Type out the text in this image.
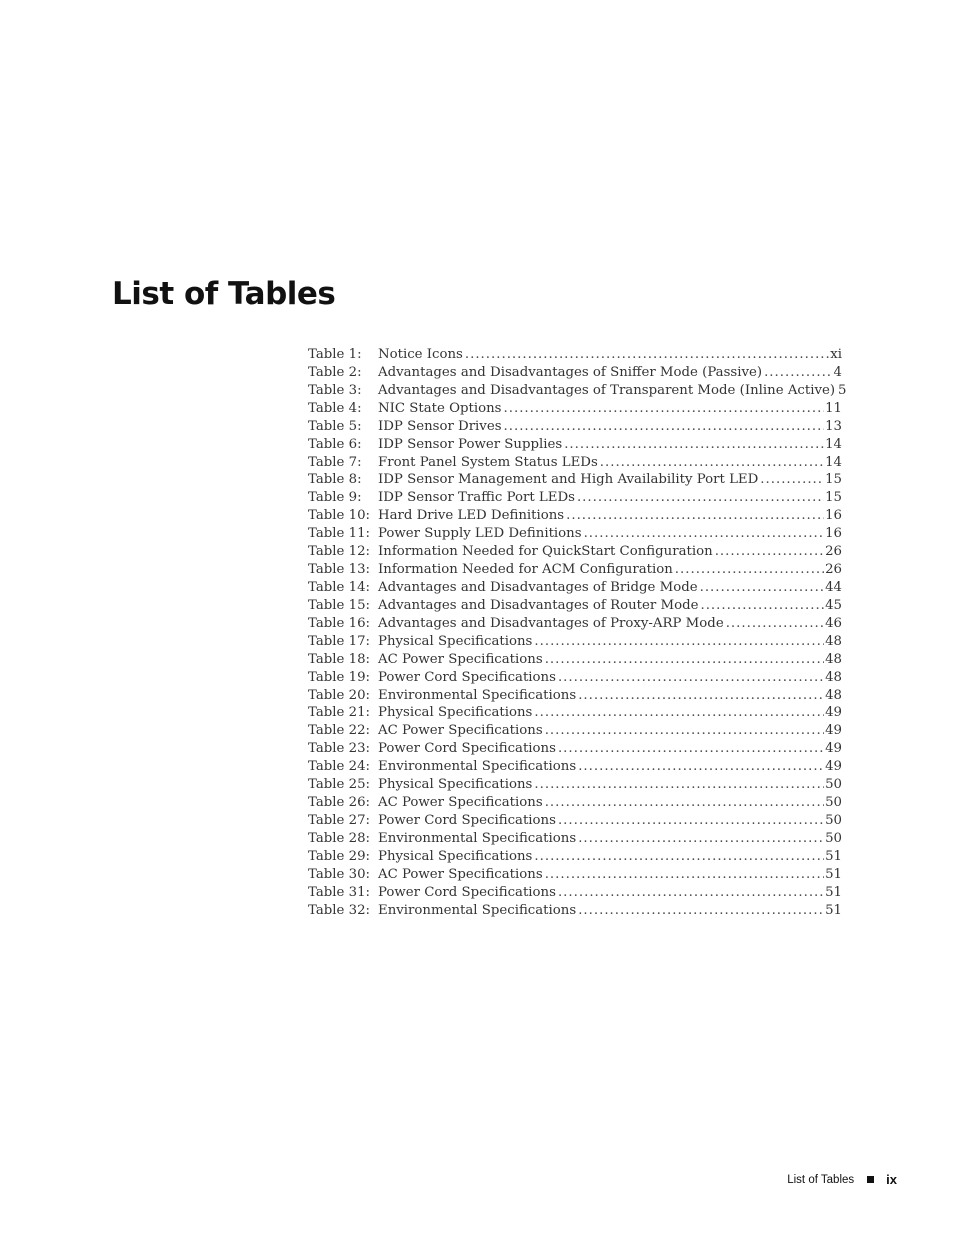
List of Tables
Table 1:	Notice Icons .....	xi
Table 2:	Advantages and Disadvantages of Sniffer Mode (Passive) .....	4
Table 3:	Advantages and Disadvantages of Transparent Mode (Inline Active) 5
Table 4:	NIC State Options .....	11
Table 5:	IDP Sensor Drives .....	13
Table 6:	IDP Sensor Power Supplies .....	14
Table 7:	Front Panel System Status LEDs .....	14
Table 8:	IDP Sensor Management and High Availability Port LED .....	15
Table 9:	IDP Sensor Traffic Port LEDs .....	15
Table 10: Hard Drive LED Definitions .....	16
Table 11: Power Supply LED Definitions .....	16
Table 12: Information Needed for QuickStart Configuration .....	26
Table 13: Information Needed for ACM Configuration .....	26
Table 14: Advantages and Disadvantages of Bridge Mode .....	44
Table 15: Advantages and Disadvantages of Router Mode .....	45
Table 16: Advantages and Disadvantages of Proxy-ARP Mode .....	46
Table 17: Physical Specifications .....	48
Table 18: AC Power Specifications .....	48
Table 19: Power Cord Specifications .....	48
Table 20: Environmental Specifications .....	48
Table 21: Physical Specifications .....	49
Table 22: AC Power Specifications .....	49
Table 23: Power Cord Specifications .....	49
Table 24: Environmental Specifications .....	49
Table 25: Physical Specifications .....	50
Table 26: AC Power Specifications .....	50
Table 27: Power Cord Specifications .....	50
Table 28: Environmental Specifications .....	50
Table 29: Physical Specifications .....	51
Table 30: AC Power Specifications .....	51
Table 31: Power Cord Specifications .....	51
Table 32: Environmental Specifications .....	51
List of Tables ix
